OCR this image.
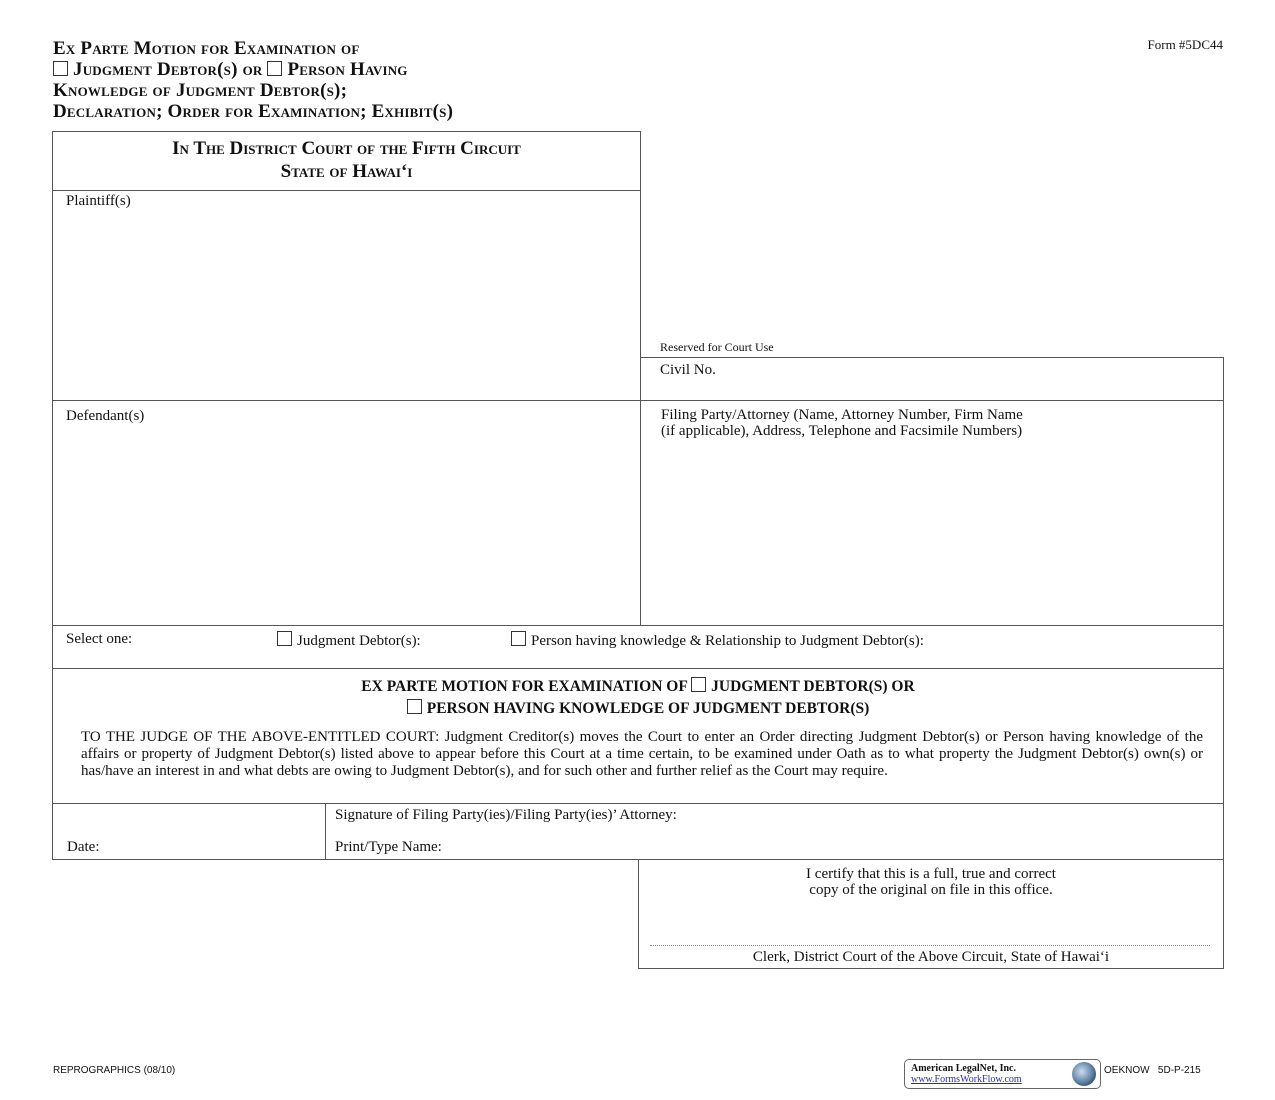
Form #5DC44
Ex Parte Motion for Examination of
Judgment Debtor(s) or Person Having
Knowledge of Judgment Debtor(s);
Declaration; Order for Examination; Exhibit(s)
In The District Court of the Fifth Circuit
State of Hawai‘i
Plaintiff(s)
Reserved for Court Use
Civil No.
Defendant(s)	Filing Party/Attorney (Name, Attorney Number, Firm Name
(if applicable), Address, Telephone and Facsimile Numbers)
Select one:	Judgment Debtor(s):	Person having knowledge & Relationship to Judgment Debtor(s):
EX PARTE MOTION FOR EXAMINATION OF JUDGMENT DEBTOR(S) OR
PERSON HAVING KNOWLEDGE OF JUDGMENT DEBTOR(S)
TO THE JUDGE OF THE ABOVE-ENTITLED COURT: Judgment Creditor(s) moves the Court to enter an Order directing Judgment Debtor(s) or Person having knowledge of the affairs or property of Judgment Debtor(s) listed above to appear before this Court at a time certain, to be examined under Oath as to what property the Judgment Debtor(s) own(s) or has/have an interest in and what debts are owing to Judgment Debtor(s), and for such other and further relief as the Court may require.
Date:
Signature of Filing Party(ies)/Filing Party(ies)’ Attorney:
Print/Type Name:
I certify that this is a full, true and correct
copy of the original on file in this office.
Clerk, District Court of the Above Circuit, State of Hawai‘i
REPROGRAPHICS (08/10)	American LegalNet, Inc.
www.FormsWorkFlow.com
OEKNOW 5D-P-215
